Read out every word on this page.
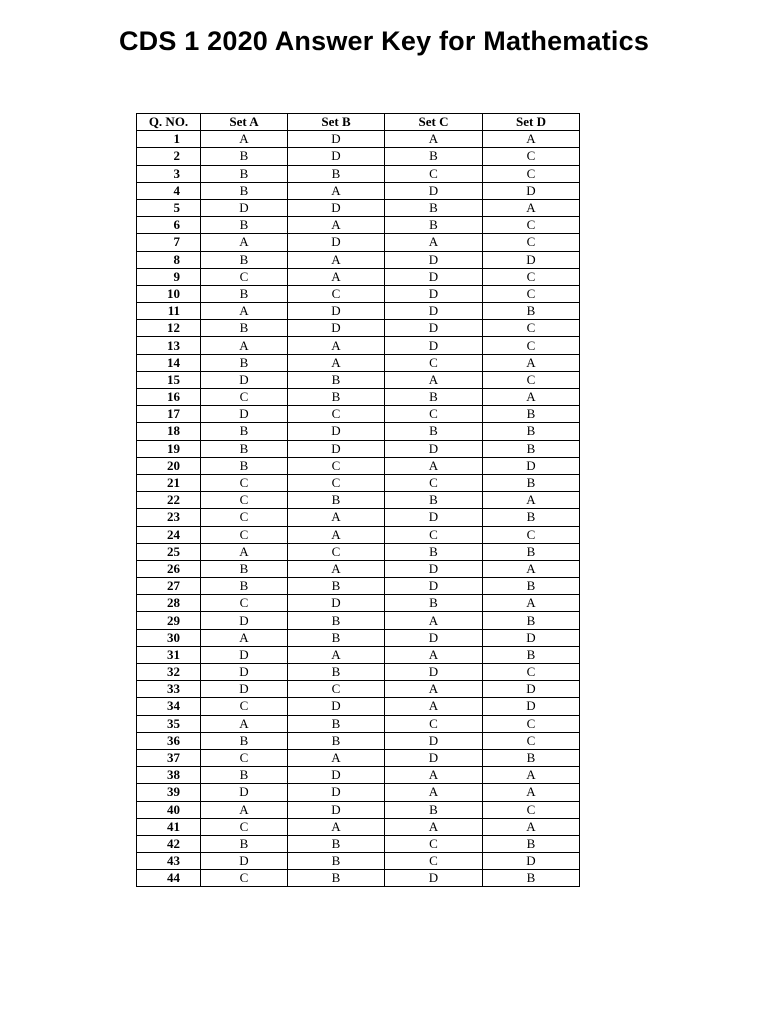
CDS 1 2020 Answer Key for Mathematics
Q. NO.	Set A	Set B	Set C	Set D
1	A	D	A	A
2	B	D	B	C
3	B	B	C	C
4	B	A	D	D
5	D	D	B	A
6	B	A	B	C
7	A	D	A	C
8	B	A	D	D
9	C	A	D	C
10	B	C	D	C
11	A	D	D	B
12	B	D	D	C
13	A	A	D	C
14	B	A	C	A
15	D	B	A	C
16	C	B	B	A
17	D	C	C	B
18	B	D	B	B
19	B	D	D	B
20	B	C	A	D
21	C	C	C	B
22	C	B	B	A
23	C	A	D	B
24	C	A	C	C
25	A	C	B	B
26	B	A	D	A
27	B	B	D	B
28	C	D	B	A
29	D	B	A	B
30	A	B	D	D
31	D	A	A	B
32	D	B	D	C
33	D	C	A	D
34	C	D	A	D
35	A	B	C	C
36	B	B	D	C
37	C	A	D	B
38	B	D	A	A
39	D	D	A	A
40	A	D	B	C
41	C	A	A	A
42	B	B	C	B
43	D	B	C	D
44	C	B	D	B
